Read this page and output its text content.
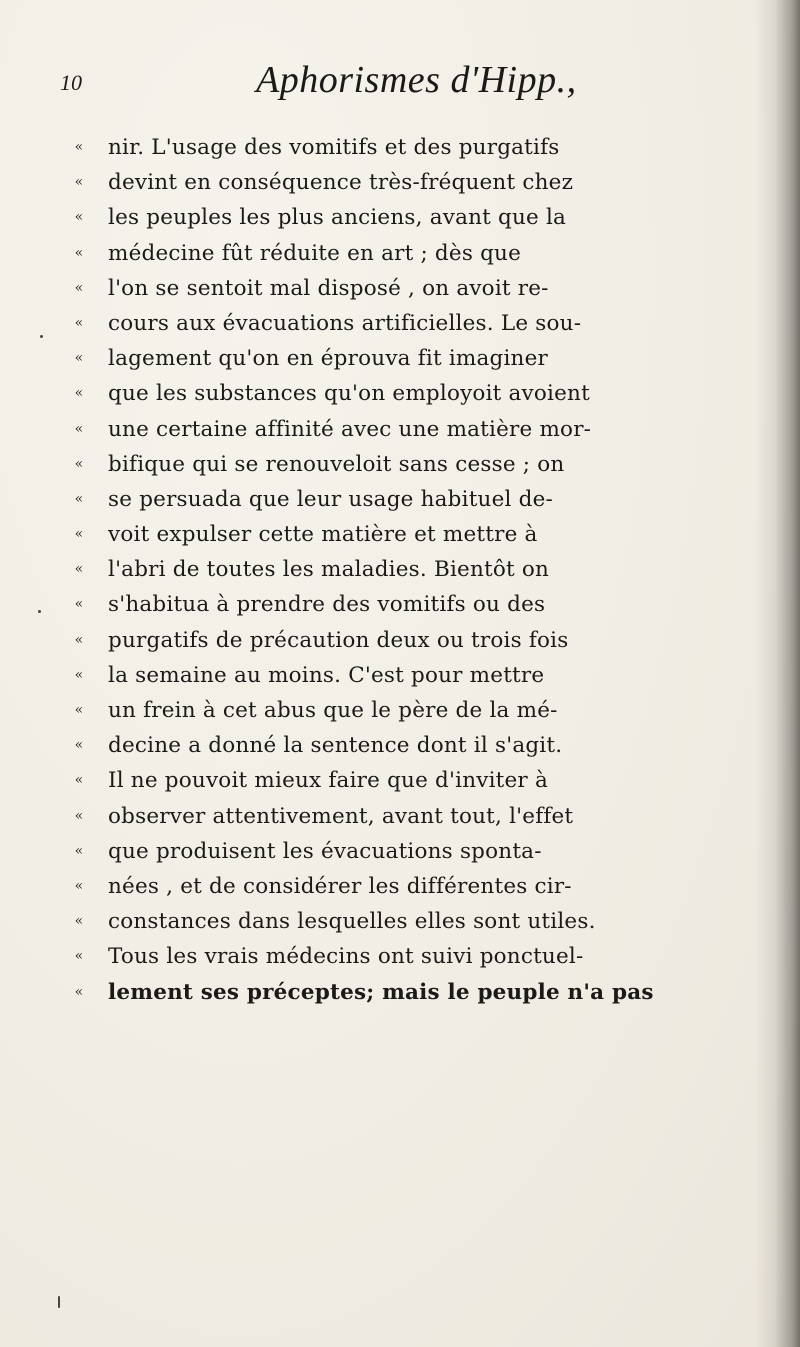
10	Aphorismes d'Hipp.,
«	nir. L'usage des vomitifs et des purgatifs
«	devint en conséquence très-fréquent chez
«	les peuples les plus anciens, avant que la
«	médecine fût réduite en art ; dès que
«	l'on se sentoit mal disposé , on avoit re-
«	cours aux évacuations artificielles. Le sou-
«	lagement qu'on en éprouva fit imaginer
«	que les substances qu'on employoit avoient
«	une certaine affinité avec une matière mor-
«	bifique qui se renouveloit sans cesse ; on
«	se persuada que leur usage habituel de-
«	voit expulser cette matière et mettre à
«	l'abri de toutes les maladies. Bientôt on
«	s'habitua à prendre des vomitifs ou des
«	purgatifs de précaution deux ou trois fois
«	la semaine au moins. C'est pour mettre
«	un frein à cet abus que le père de la mé-
«	decine a donné la sentence dont il s'agit.
«	Il ne pouvoit mieux faire que d'inviter à
«	observer attentivement, avant tout, l'effet
«	que produisent les évacuations sponta-
«	nées , et de considérer les différentes cir-
«	constances dans lesquelles elles sont utiles.
«	Tous les vrais médecins ont suivi ponctuel-
«	lement ses préceptes; mais le peuple n'a pas
